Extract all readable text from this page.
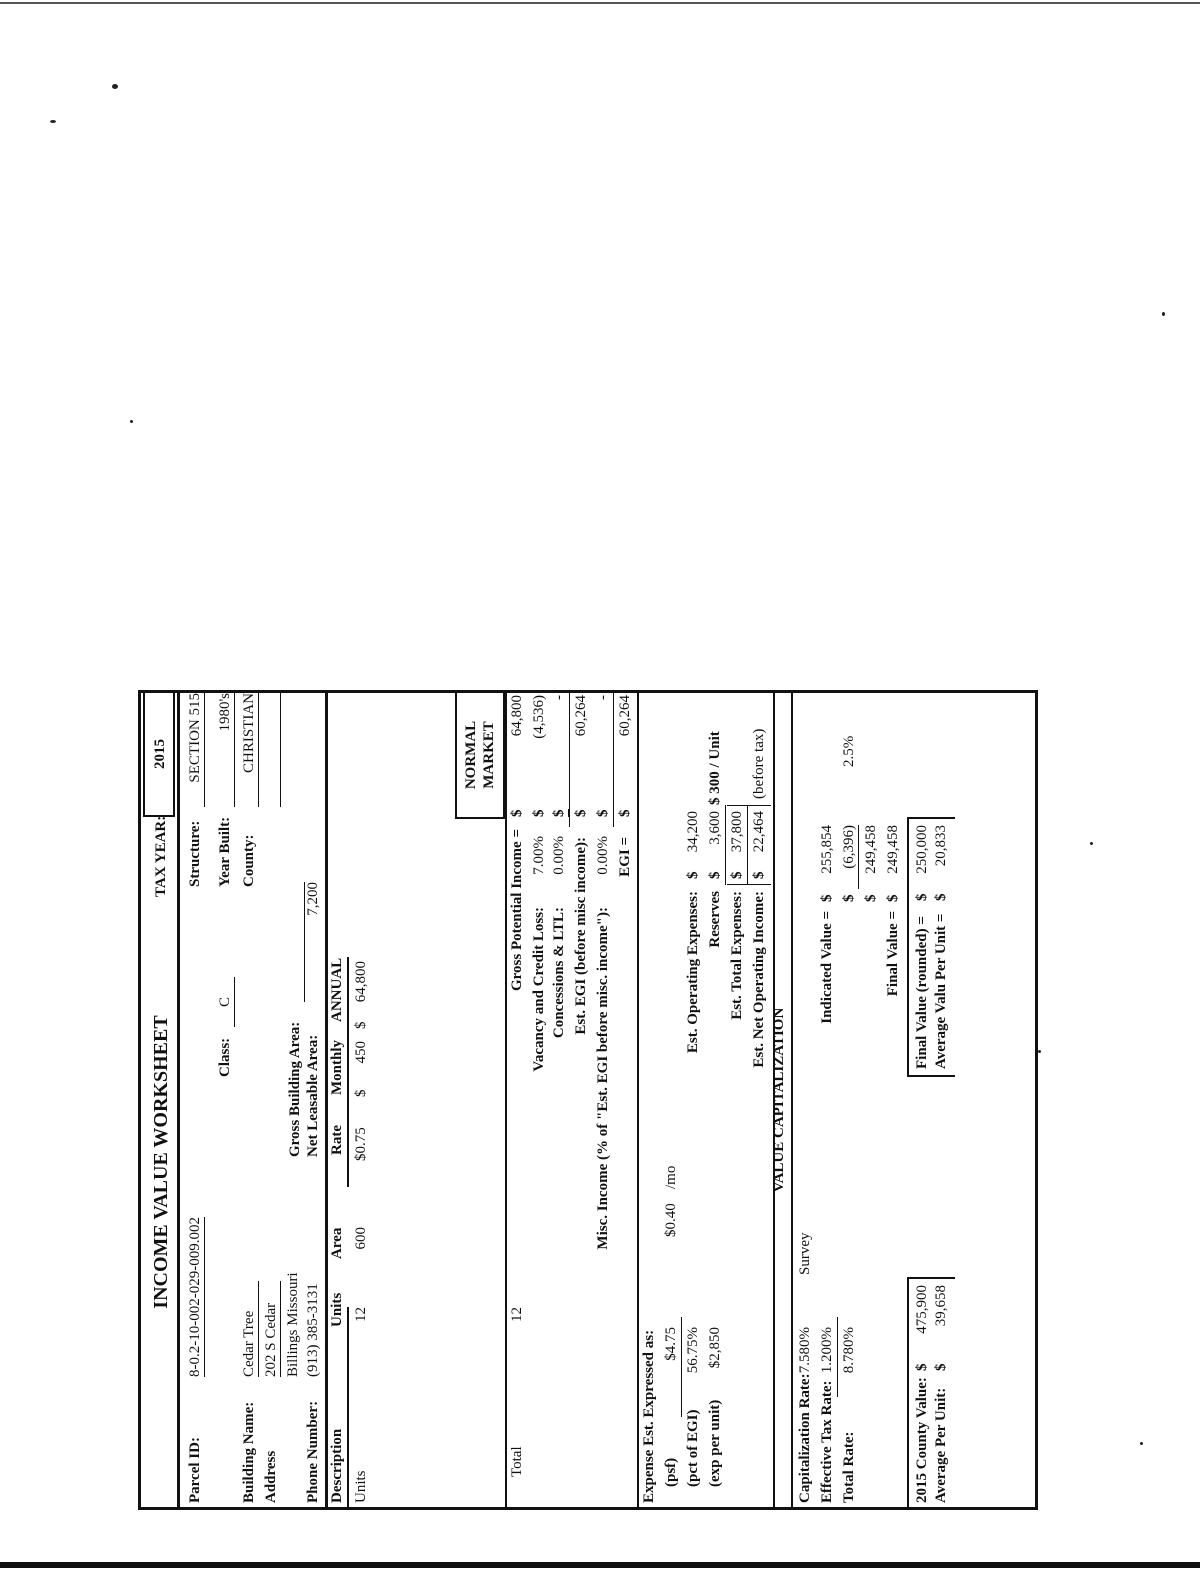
INCOME VALUE WORKSHEET
TAX YEAR:
2015
Parcel ID:
8-0.2-10-002-029-009.002
Structure:
SECTION 515
Class:
C
Year Built:
1980's
Building Name:
Cedar Tree
County:
CHRISTIAN
Address
202 S Cedar Billings Missouri
Gross Building Area:
Phone Number:
(913) 385-3131
Net Leasable Area:
7,200
Description
Units
Area
Rate
Monthly
ANNUAL
Units
12
600
$0.75
$
450
$
64,800
Total
12
NORMAL MARKET
Gross Potential Income =
$
64,800
Vacancy and Credit Loss:
7.00%
$
(4,536)
Concessions & LTL:
0.00%
$
-
Est. EGI (before misc income):
$
60,264
Misc. Income (% of "Est. EGI before misc. income"):
0.00%
$
-
EGI =
$
60,264
Expense Est. Expressed as: (psf)
$4.75
$0.40
/mo
(pct of EGI)
56.75%
Est. Operating Expenses:
$
34,200
(exp per unit)
$2,850
Reserves
$
3,600
$ 300 / Unit
Est. Total Expenses:
$
37,800
Est. Net Operating Income:
$
22,464
(before tax)
VALUE CAPITALIZATION
Capitalization Rate:
7.580%
Survey
Effective Tax Rate:
1.200%
Indicated Value =
$
255,854
Total Rate:
8.780%
$
(6,396)
2.5%
$
249,458
Final Value =
$
249,458
2015 County Value:
$
475,900
Average Per Unit:
$
39,658
Final Value (rounded) =
$
250,000
Average Valu Per Unit =
$
20,833
